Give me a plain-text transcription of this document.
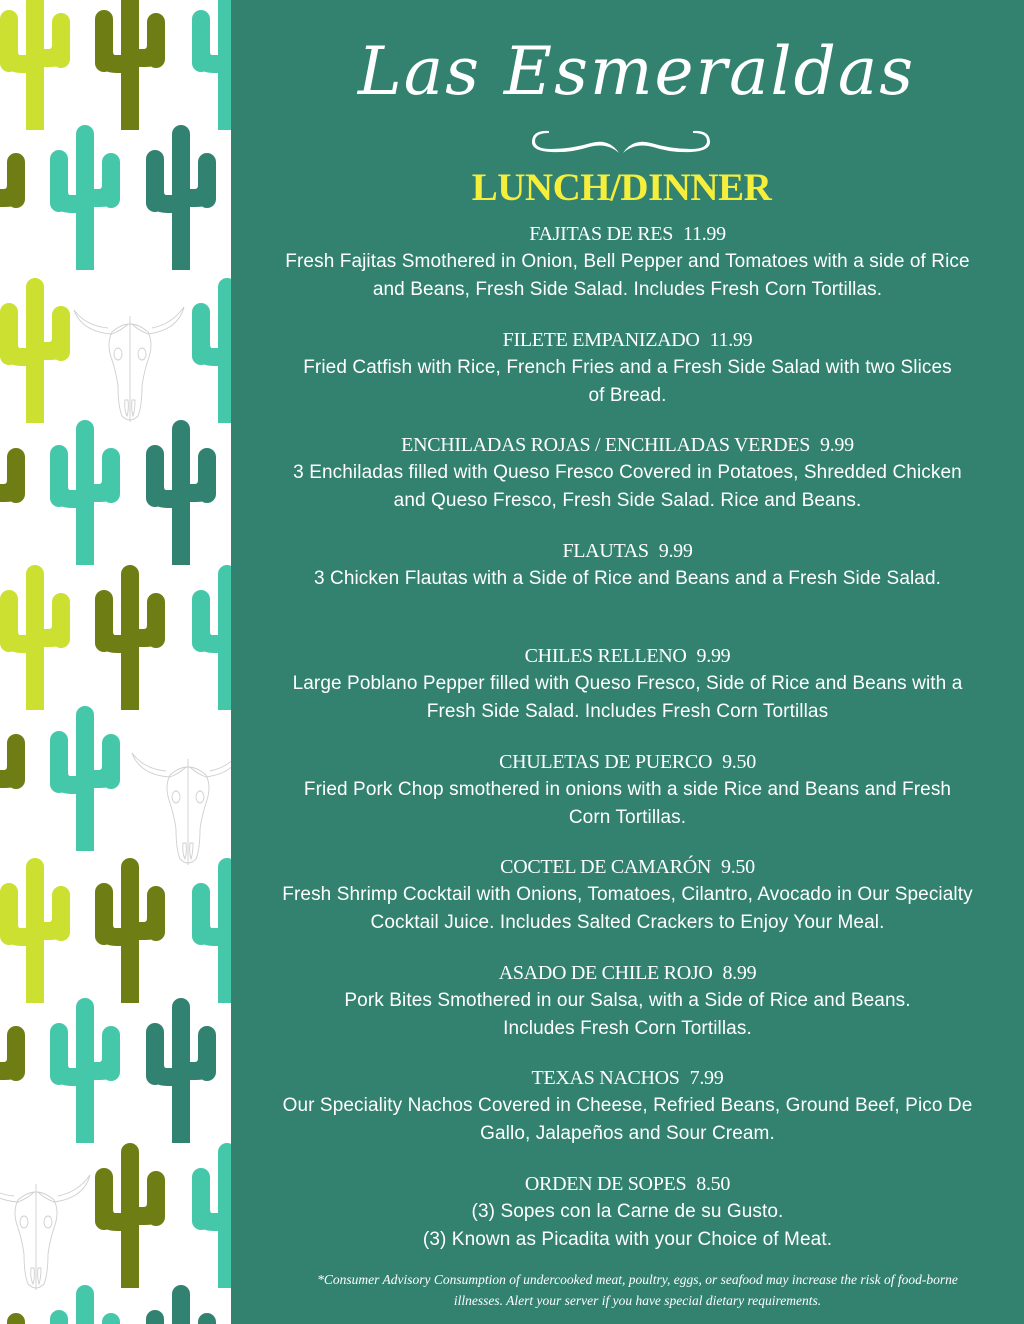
Las Esmeraldas
LUNCH/DINNER
FAJITAS DE RES 11.99
Fresh Fajitas Smothered in Onion, Bell Pepper and Tomatoes with a side of Rice and Beans, Fresh Side Salad. Includes Fresh Corn Tortillas.
FILETE EMPANIZADO 11.99
Fried Catfish with Rice, French Fries and a Fresh Side Salad with two Slices of Bread.
ENCHILADAS ROJAS / ENCHILADAS VERDES 9.99
3 Enchiladas filled with Queso Fresco Covered in Potatoes, Shredded Chicken and Queso Fresco, Fresh Side Salad. Rice and Beans.
FLAUTAS 9.99
3 Chicken Flautas with a Side of Rice and Beans and a Fresh Side Salad.
CHILES RELLENO 9.99
Large Poblano Pepper filled with Queso Fresco, Side of Rice and Beans with a Fresh Side Salad. Includes Fresh Corn Tortillas
CHULETAS DE PUERCO 9.50
Fried Pork Chop smothered in onions with a side Rice and Beans and Fresh Corn Tortillas.
COCTEL DE CAMARÓN 9.50
Fresh Shrimp Cocktail with Onions, Tomatoes, Cilantro, Avocado in Our Specialty Cocktail Juice. Includes Salted Crackers to Enjoy Your Meal.
ASADO DE CHILE ROJO 8.99
Pork Bites Smothered in our Salsa, with a Side of Rice and Beans. Includes Fresh Corn Tortillas.
TEXAS NACHOS 7.99
Our Speciality Nachos Covered in Cheese, Refried Beans, Ground Beef, Pico De Gallo, Jalapeños and Sour Cream.
ORDEN DE SOPES 8.50
(3) Sopes con la Carne de su Gusto.
(3) Known as Picadita with your Choice of Meat.
*Consumer Advisory Consumption of undercooked meat, poultry, eggs, or seafood may increase the risk of food-borne illnesses. Alert your server if you have special dietary requirements.
